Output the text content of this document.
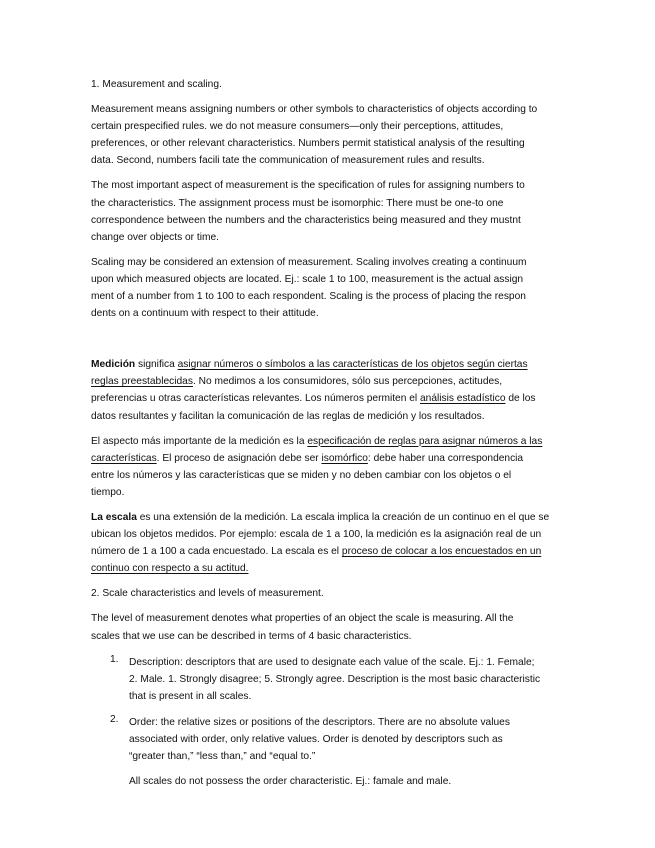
1. Measurement and scaling.

Measurement means assigning numbers or other symbols to characteristics of objects according to
certain prespecified rules. we do not measure consumers—only their perceptions, attitudes,
preferences, or other relevant characteristics. Numbers permit statistical analysis of the resulting
data. Second, numbers facili tate the communication of measurement rules and results.

The most important aspect of measurement is the specification of rules for assigning numbers to
the characteristics. The assignment process must be isomorphic: There must be one-to one
correspondence between the numbers and the characteristics being measured and they mustnt
change over objects or time.

Scaling may be considered an extension of measurement. Scaling involves creating a continuum
upon which measured objects are located. Ej.: scale 1 to 100, measurement is the actual assign
ment of a number from 1 to 100 to each respondent. Scaling is the process of placing the respon
dents on a continuum with respect to their attitude.

Medición significa asignar números o símbolos a las características de los objetos según ciertas
reglas preestablecidas. No medimos a los consumidores, sólo sus percepciones, actitudes,
preferencias u otras características relevantes. Los números permiten el análisis estadístico de los
datos resultantes y facilitan la comunicación de las reglas de medición y los resultados.

El aspecto más importante de la medición es la especificación de reglas para asignar números a las
características. El proceso de asignación debe ser isomórfico: debe haber una correspondencia
entre los números y las características que se miden y no deben cambiar con los objetos o el
tiempo.

La escala es una extensión de la medición. La escala implica la creación de un continuo en el que se
ubican los objetos medidos. Por ejemplo: escala de 1 a 100, la medición es la asignación real de un
número de 1 a 100 a cada encuestado. La escala es el proceso de colocar a los encuestados en un
continuo con respecto a su actitud.

2. Scale characteristics and levels of measurement.

The level of measurement denotes what properties of an object the scale is measuring. All the
scales that we use can be described in terms of 4 basic characteristics.

1. Description: descriptors that are used to designate each value of the scale. Ej.: 1. Female;
2. Male. 1. Strongly disagree; 5. Strongly agree. Description is the most basic characteristic
that is present in all scales.

2. Order: the relative sizes or positions of the descriptors. There are no absolute values
associated with order, only relative values. Order is denoted by descriptors such as
“greater than,” “less than,” and “equal to.”

All scales do not possess the order characteristic. Ej.: famale and male.
